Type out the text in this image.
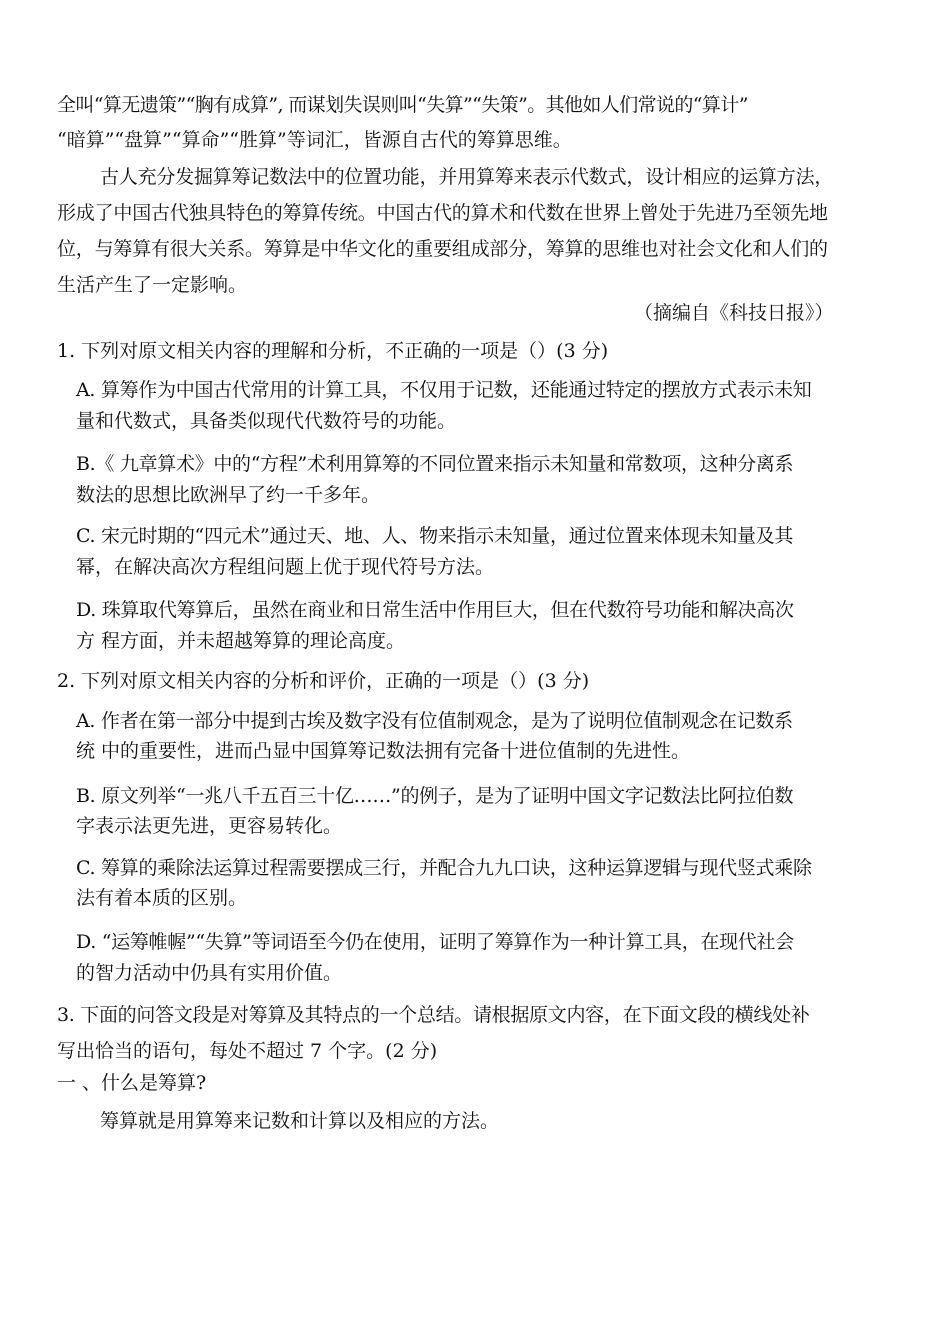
全叫“算无遗策”“胸有成算”, 而谋划失误则叫“失算”“失策”。其他如人们常说的“算计”

“暗算”“盘算”“算命”“胜算”等词汇，皆源自古代的筹算思维。

古人充分发掘算筹记数法中的位置功能，并用算筹来表示代数式，设计相应的运算方法，

形成了中国古代独具特色的筹算传统。中国古代的算术和代数在世界上曾处于先进乃至领先地

位，与筹算有很大关系。筹算是中华文化的重要组成部分，筹算的思维也对社会文化和人们的

生活产生了一定影响。

（摘编自《科技日报》）

1. 下列对原文相关内容的理解和分析，不正确的一项是（）(3 分)

A. 算筹作为中国古代常用的计算工具，不仅用于记数，还能通过特定的摆放方式表示未知

量和代数式，具备类似现代代数符号的功能。

B.《 九章算术》中的“方程”术利用算筹的不同位置来指示未知量和常数项，这种分离系

数法的思想比欧洲早了约一千多年。

C. 宋元时期的“四元术”通过天、地、人、物来指示未知量，通过位置来体现未知量及其

幂，在解决高次方程组问题上优于现代符号方法。

D. 珠算取代筹算后，虽然在商业和日常生活中作用巨大，但在代数符号功能和解决高次

方 程方面，并未超越筹算的理论高度。

2. 下列对原文相关内容的分析和评价，正确的一项是（）(3 分)

A. 作者在第一部分中提到古埃及数字没有位值制观念，是为了说明位值制观念在记数系

统 中的重要性，进而凸显中国算筹记数法拥有完备十进位值制的先进性。

B. 原文列举“一兆八千五百三十亿……”的例子，是为了证明中国文字记数法比阿拉伯数

字表示法更先进，更容易转化。

C. 筹算的乘除法运算过程需要摆成三行，并配合九九口诀，这种运算逻辑与现代竖式乘除

法有着本质的区别。

D. “运筹帷幄”“失算”等词语至今仍在使用，证明了筹算作为一种计算工具，在现代社会

的智力活动中仍具有实用价值。

3. 下面的问答文段是对筹算及其特点的一个总结。请根据原文内容，在下面文段的横线处补

写出恰当的语句，每处不超过 7 个字。(2 分)

一 、什么是筹算?

筹算就是用算筹来记数和计算以及相应的方法。
